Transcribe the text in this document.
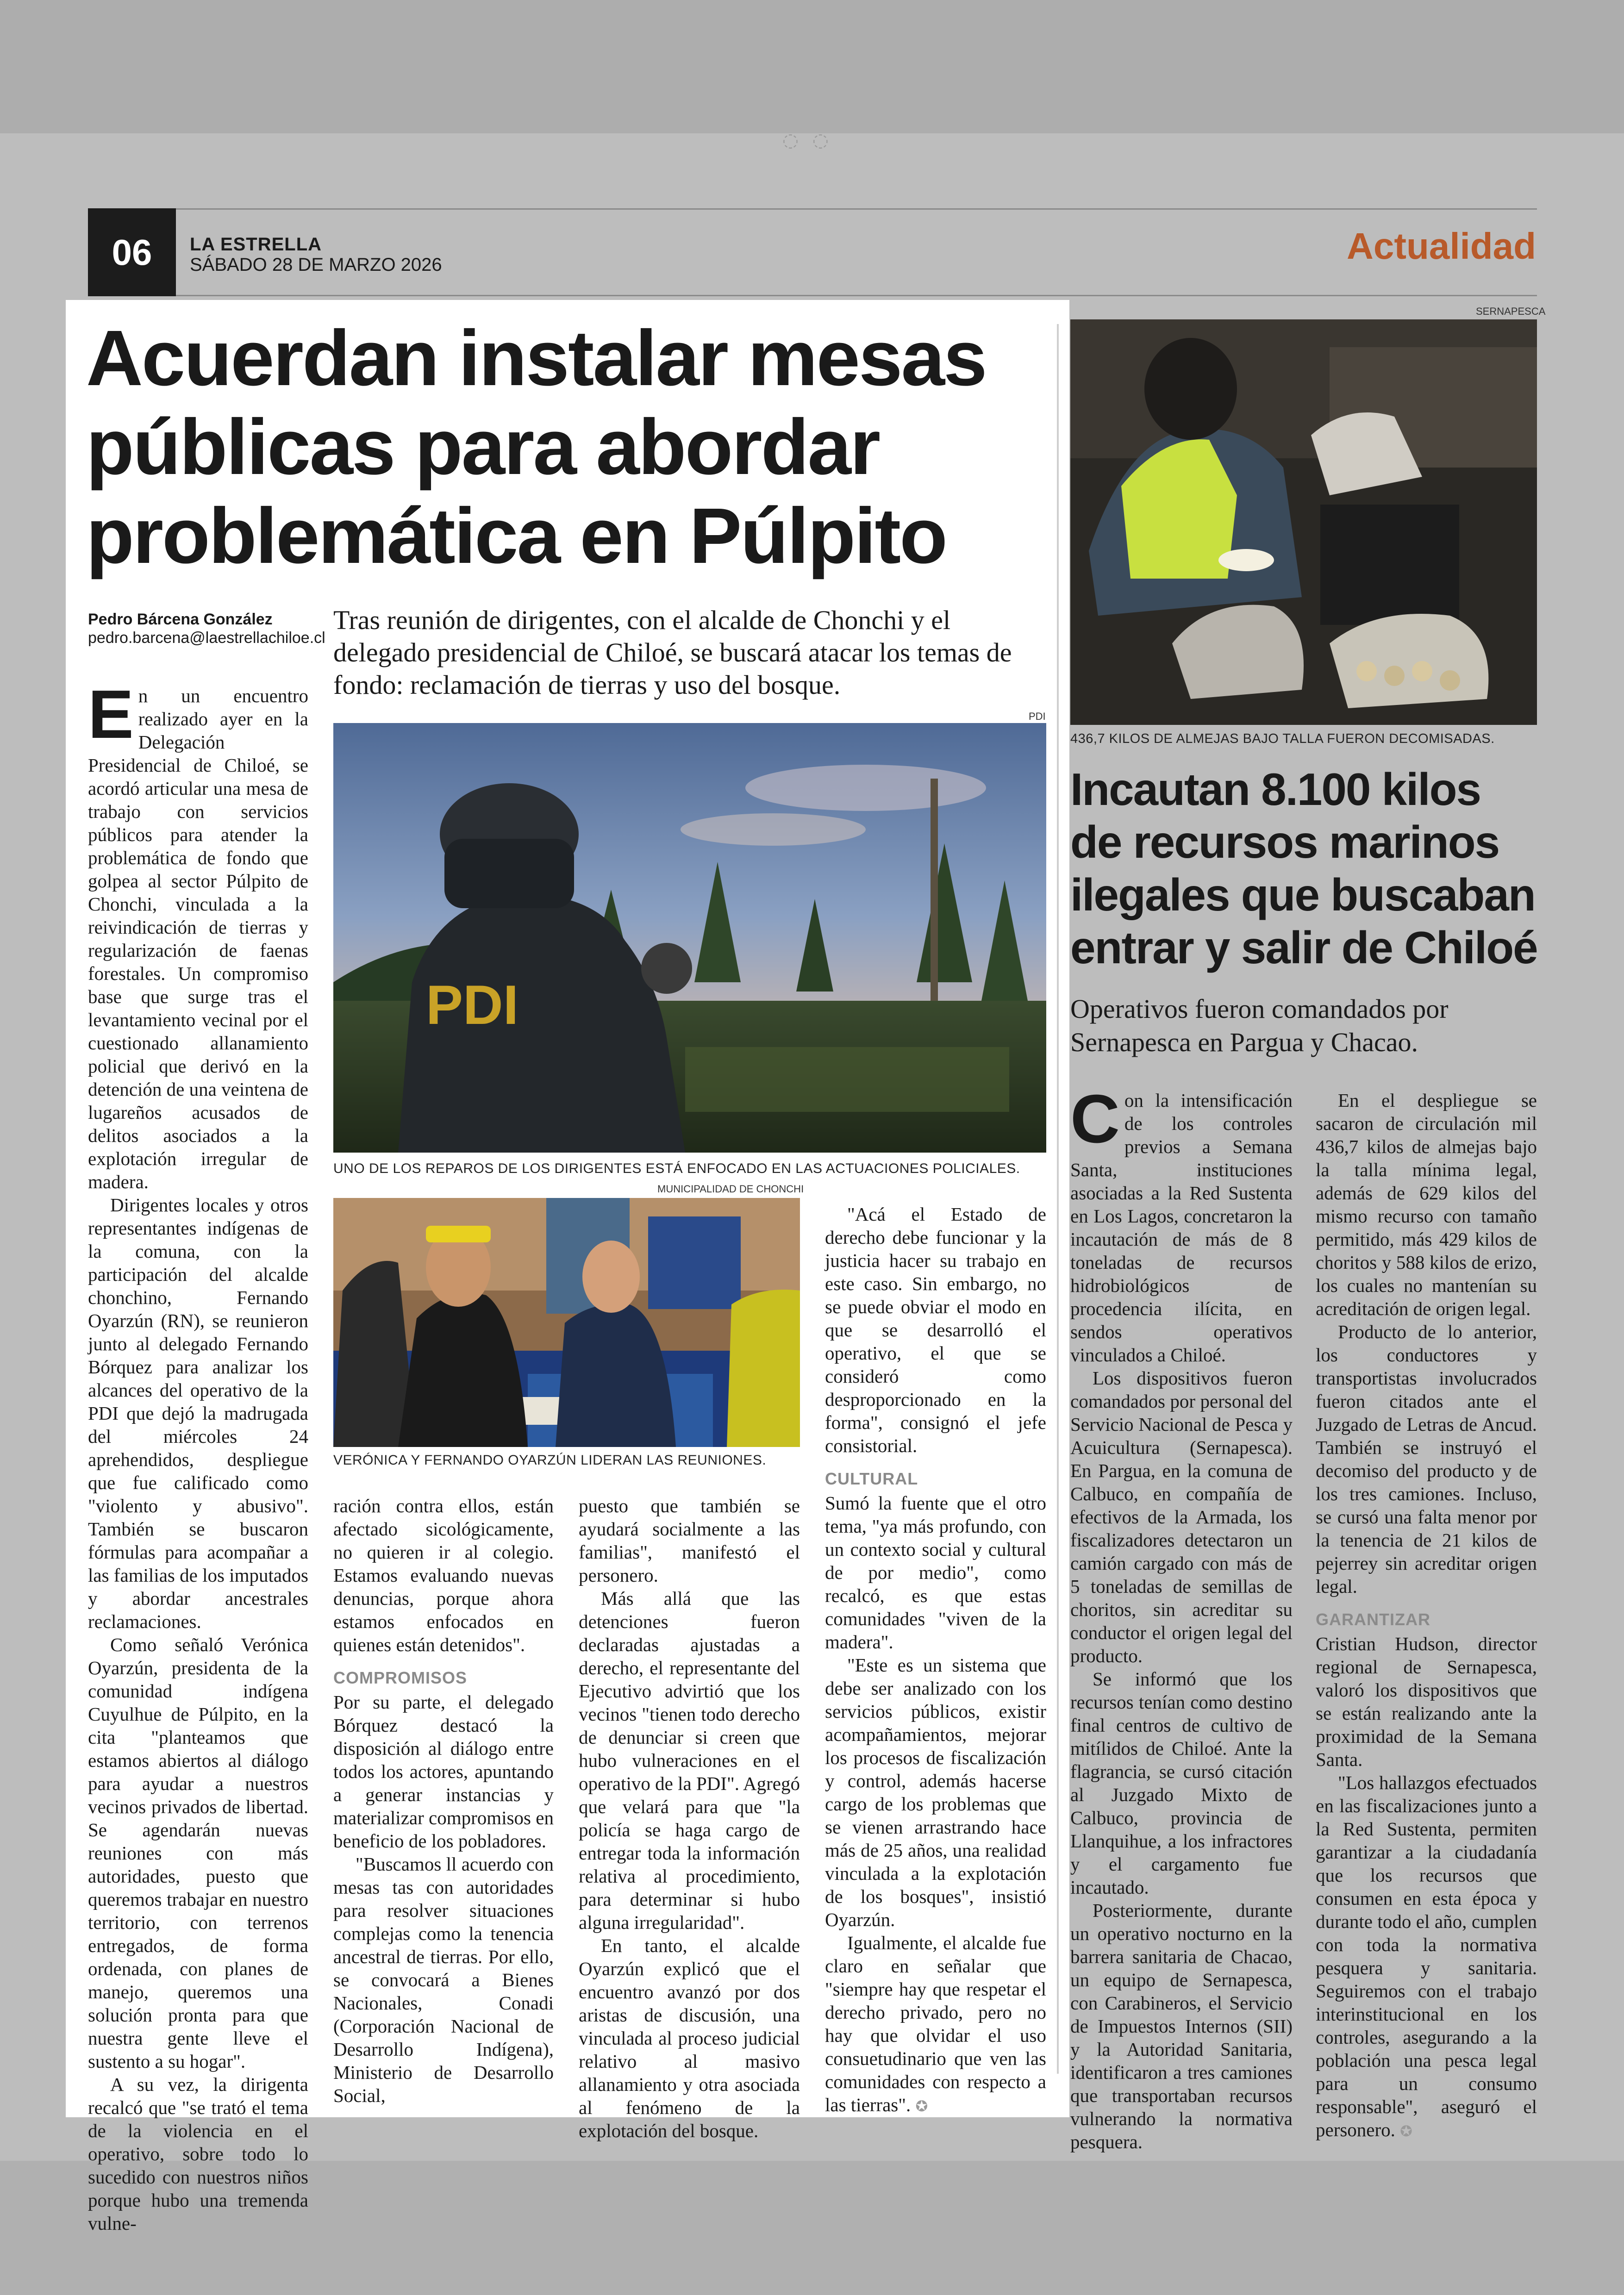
◌◌
06	LA ESTRELLA
SÁBADO 28 DE MARZO 2026	Actualidad
Acuerdan instalar mesas públicas para abordar problemática en Púlpito
Pedro Bárcena González
pedro.barcena@laestrellachiloe.cl
Tras reunión de dirigentes, con el alcalde de Chonchi y el delegado presidencial de Chiloé, se buscará atacar los temas de fondo: reclamación de tierras y uso del bosque.
PDI
PDI
UNO DE LOS REPAROS DE LOS DIRIGENTES ESTÁ ENFOCADO EN LAS ACTUACIONES POLICIALES.
MUNICIPALIDAD DE CHONCHI
VERÓNICA Y FERNANDO OYARZÚN LIDERAN LAS REUNIONES.

En un encuentro realizado ayer en la Delegación Presidencial de Chiloé, se acordó articular una mesa de trabajo con servicios públicos para atender la problemática de fondo que golpea al sector Púlpito de Chonchi, vinculada a la reivindicación de tierras y regularización de faenas forestales. Un compromiso base que surge tras el levantamiento vecinal por el cuestionado allanamiento policial que derivó en la detención de una veintena de lugareños acusados de delitos asociados a la explotación irregular de madera.

Dirigentes locales y otros representantes indígenas de la comuna, con la participación del alcalde chonchino, Fernando Oyarzún (RN), se reunieron junto al delegado Fernando Bórquez para analizar los alcances del operativo de la PDI que dejó la madrugada del miércoles 24 aprehendidos, despliegue que fue calificado como "violento y abusivo". También se buscaron fórmulas para acompañar a las familias de los imputados y abordar ancestrales reclamaciones.

Como señaló Verónica Oyarzún, presidenta de la comunidad indígena Cuyulhue de Púlpito, en la cita "planteamos que estamos abiertos al diálogo para ayudar a nuestros vecinos privados de libertad. Se agendarán nuevas reuniones con más autoridades, puesto que queremos trabajar en nuestro territorio, con terrenos entregados, de forma ordenada, con planes de manejo, queremos una solución pronta para que nuestra gente lleve el sustento a su hogar".

A su vez, la dirigenta recalcó que "se trató el tema de la violencia en el operativo, sobre todo lo sucedido con nuestros niños porque hubo una tremenda vulne-

ración contra ellos, están afectado sicológicamente, no quieren ir al colegio. Estamos evaluando nuevas denuncias, porque ahora estamos enfocados en quienes están detenidos".

COMPROMISOS

Por su parte, el delegado Bórquez destacó la disposición al diálogo entre todos los actores, apuntando a generar instancias y materializar compromisos en beneficio de los pobladores.

"Buscamos ll acuerdo con mesas tas con autoridades para resolver situaciones complejas como la tenencia ancestral de tierras. Por ello, se convocará a Bienes Nacionales, Conadi (Corporación Nacional de Desarrollo Indígena), Ministerio de Desarrollo Social,

puesto que también se ayudará socialmente a las familias", manifestó el personero.

Más allá que las detenciones fueron declaradas ajustadas a derecho, el representante del Ejecutivo advirtió que los vecinos "tienen todo derecho de denunciar si creen que hubo vulneraciones en el operativo de la PDI". Agregó que velará para que "la policía se haga cargo de entregar toda la información relativa al procedimiento, para determinar si hubo alguna irregularidad".

En tanto, el alcalde Oyarzún explicó que el encuentro avanzó por dos aristas de discusión, una vinculada al proceso judicial relativo al masivo allanamiento y otra asociada al fenómeno de la explotación del bosque.

"Acá el Estado de derecho debe funcionar y la justicia hacer su trabajo en este caso. Sin embargo, no se puede obviar el modo en que se desarrolló el operativo, el que se consideró como desproporcionado en la forma", consignó el jefe consistorial.

CULTURAL

Sumó la fuente que el otro tema, "ya más profundo, con un contexto social y cultural de por medio", como recalcó, es que estas comunidades "viven de la madera".

"Este es un sistema que debe ser analizado con los servicios públicos, existir acompañamientos, mejorar los procesos de fiscalización y control, además hacerse cargo de los problemas que se vienen arrastrando hace más de 25 años, una realidad vinculada a la explotación de los bosques", insistió Oyarzún.

Igualmente, el alcalde fue claro en señalar que "siempre hay que respetar el derecho privado, pero no hay que olvidar el uso consuetudinario que ven las comunidades con respecto a las tierras". ✪

SERNAPESCA
436,7 KILOS DE ALMEJAS BAJO TALLA FUERON DECOMISADAS.
Incautan 8.100 kilos de recursos marinos ilegales que buscaban entrar y salir de Chiloé
Operativos fueron comandados por Sernapesca en Pargua y Chacao.

Con la intensificación de los controles previos a Semana Santa, instituciones asociadas a la Red Sustenta en Los Lagos, concretaron la incautación de más de 8 toneladas de recursos hidrobiológicos de procedencia ilícita, en sendos operativos vinculados a Chiloé.

Los dispositivos fueron comandados por personal del Servicio Nacional de Pesca y Acuicultura (Sernapesca). En Pargua, en la comuna de Calbuco, en compañía de efectivos de la Armada, los fiscalizadores detectaron un camión cargado con más de 5 toneladas de semillas de choritos, sin acreditar su conductor el origen legal del producto.

Se informó que los recursos tenían como destino final centros de cultivo de mitílidos de Chiloé. Ante la flagrancia, se cursó citación al Juzgado Mixto de Calbuco, provincia de Llanquihue, a los infractores y el cargamento fue incautado.

Posteriormente, durante un operativo nocturno en la barrera sanitaria de Chacao, un equipo de Sernapesca, con Carabineros, el Servicio de Impuestos Internos (SII) y la Autoridad Sanitaria, identificaron a tres camiones que transportaban recursos vulnerando la normativa pesquera.

En el despliegue se sacaron de circulación mil 436,7 kilos de almejas bajo la talla mínima legal, además de 629 kilos del mismo recurso con tamaño permitido, más 429 kilos de choritos y 588 kilos de erizo, los cuales no mantenían su acreditación de origen legal.

Producto de lo anterior, los conductores y transportistas involucrados fueron citados ante el Juzgado de Letras de Ancud. También se instruyó el decomiso del producto y de los tres camiones. Incluso, se cursó una falta menor por la tenencia de 21 kilos de pejerrey sin acreditar origen legal.

GARANTIZAR

Cristian Hudson, director regional de Sernapesca, valoró los dispositivos que se están realizando ante la proximidad de la Semana Santa.

"Los hallazgos efectuados en las fiscalizaciones junto a la Red Sustenta, permiten garantizar a la ciudadanía que los recursos que consumen en esta época y durante todo el año, cumplen con toda la normativa pesquera y sanitaria. Seguiremos con el trabajo interinstitucional en los controles, asegurando a la población una pesca legal para un consumo responsable", aseguró el personero. ✪
